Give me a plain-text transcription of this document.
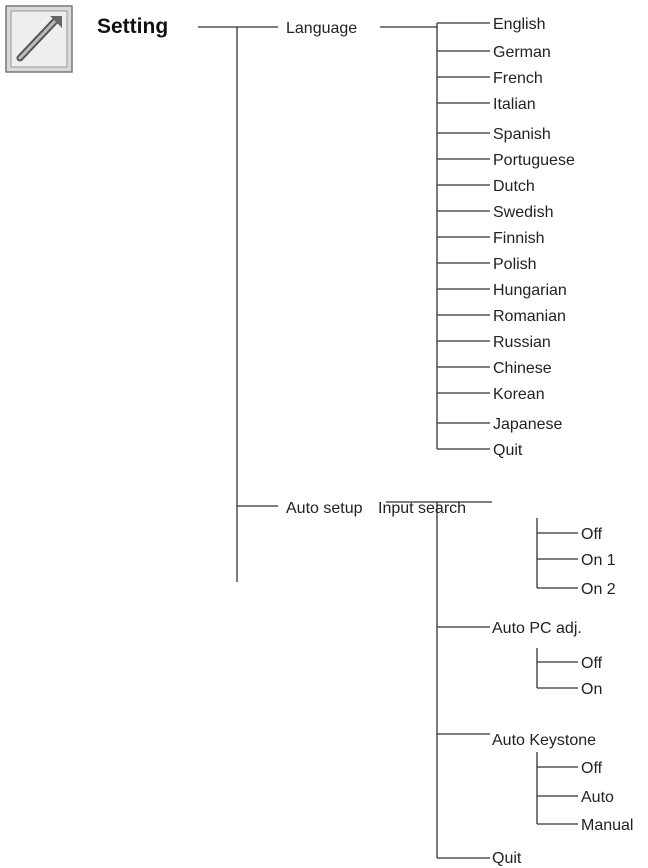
Setting	Language
Auto setup Input search
English
German
French
Italian
Spanish
Portuguese
Dutch
Swedish
Finnish
Polish
Hungarian
Romanian
Russian
Chinese
Korean
Japanese
Quit
Auto PC adj.
Auto Keystone
Quit
Off
On 1
On 2
Off
On
Off
Auto
Manual
